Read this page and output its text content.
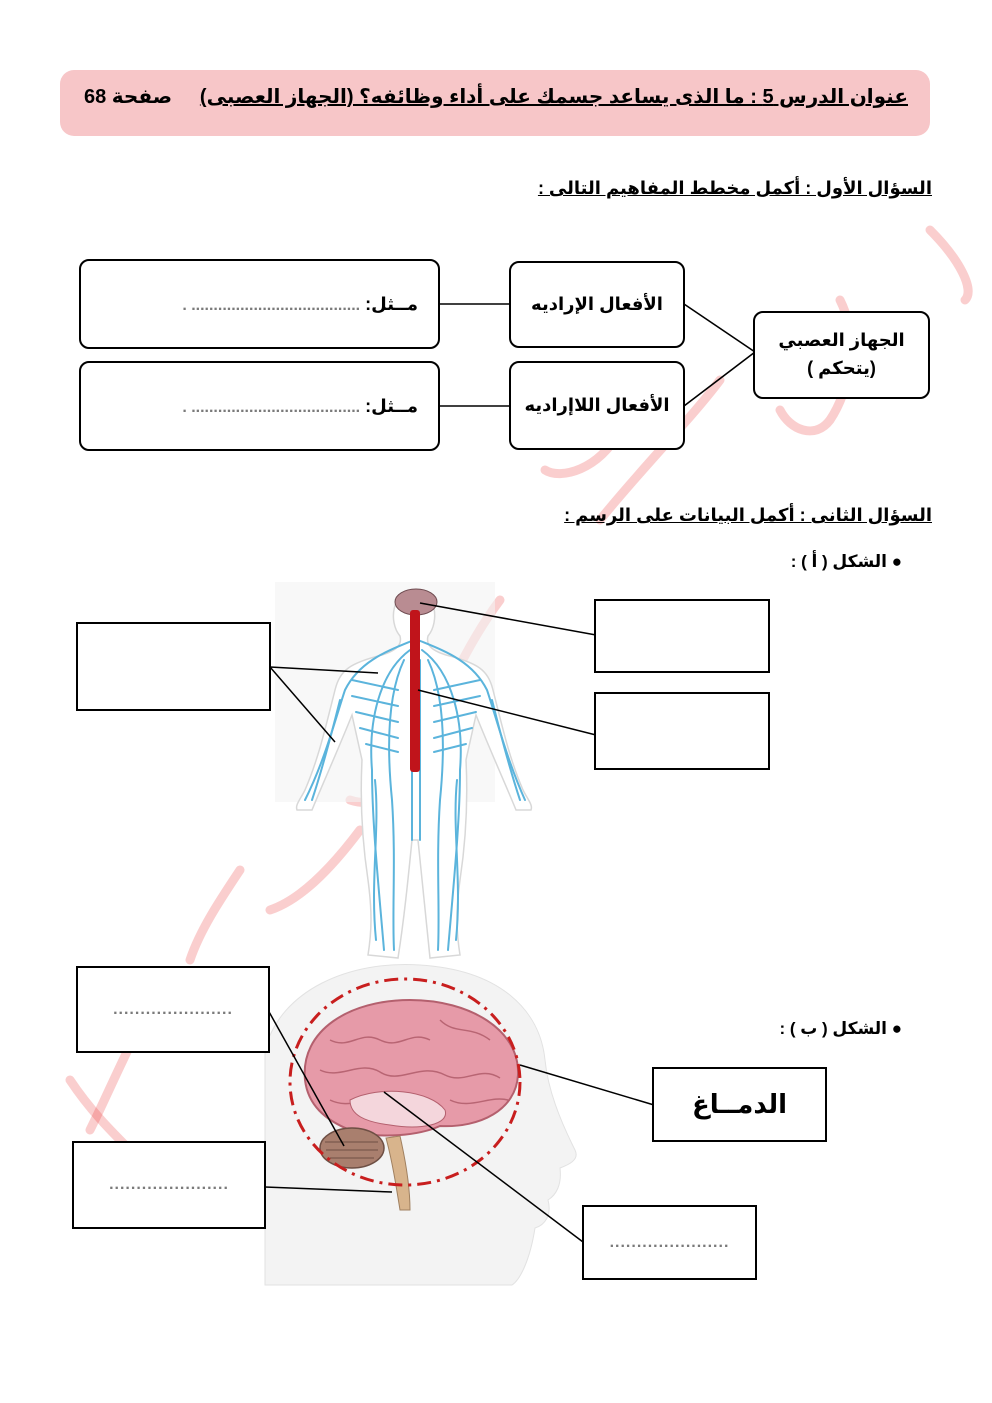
عنوان الدرس 5 : ما الذى يساعد جسمك على أداء وظائفه؟ (الجهاز العصبى)
صفحة 68
السؤال الأول : أكمل مخطط المفاهيم التالى :
الجهاز العصبي
(يتحكم )
الأفعال الإراديه
الأفعال اللاإراديه
مــثل: ...................................... .
مــثل: ...................................... .
السؤال الثانى : أكمل البيانات على الرسم :
● الشكل ( أ ) :
● الشكل ( ب ) :
......................
......................
......................
الدمــاغ
